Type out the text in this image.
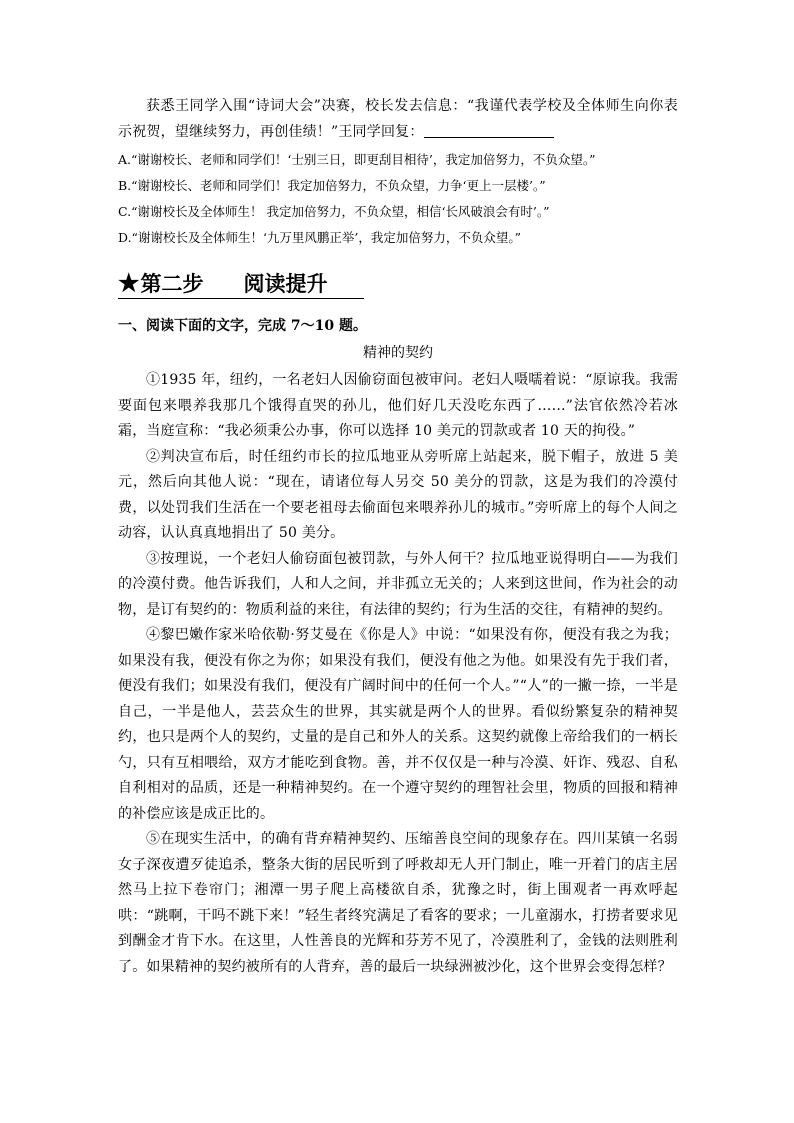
获悉王同学入围“诗词大会”决赛，校长发去信息：“我谨代表学校及全体师生向你表示祝贺，望继续努力，再创佳绩！”王同学回复：

A.“谢谢校长、老师和同学们！‘士别三日，即更刮目相待’，我定加倍努力，不负众望。”

B.“谢谢校长、老师和同学们！我定加倍努力，不负众望，力争‘更上一层楼’。”

C.“谢谢校长及全体师生！ 我定加倍努力，不负众望，相信‘长风破浪会有时’。”

D.“谢谢校长及全体师生！‘九万里风鹏正举’，我定加倍努力，不负众望。”

★第二步 阅读提升

一、阅读下面的文字，完成 7～10 题。

精神的契约

①1935 年，纽约，一名老妇人因偷窃面包被审问。老妇人嗫嚅着说：“原谅我。我需要面包来喂养我那几个饿得直哭的孙儿，他们好几天没吃东西了……”法官依然冷若冰霜，当庭宣称：“我必须秉公办事，你可以选择 10 美元的罚款或者 10 天的拘役。”

②判决宣布后，时任纽约市长的拉瓜地亚从旁听席上站起来，脱下帽子，放进 5 美元，然后向其他人说：“现在，请诸位每人另交 50 美分的罚款，这是为我们的冷漠付费，以处罚我们生活在一个要老祖母去偷面包来喂养孙儿的城市。”旁听席上的每个人间之动容，认认真真地捐出了 50 美分。

③按理说，一个老妇人偷窃面包被罚款，与外人何干？拉瓜地亚说得明白——为我们的冷漠付费。他告诉我们，人和人之间，并非孤立无关的；人来到这世间，作为社会的动物，是订有契约的：物质利益的来往，有法律的契约；行为生活的交往，有精神的契约。

④黎巴嫩作家米哈依勒·努艾曼在《你是人》中说：“如果没有你，便没有我之为我；如果没有我，便没有你之为你；如果没有我们，便没有他之为他。如果没有先于我们者，便没有我们；如果没有我们，便没有广阔时间中的任何一个人。”“人”的一撇一捺，一半是自己，一半是他人，芸芸众生的世界，其实就是两个人的世界。看似纷繁复杂的精神契约，也只是两个人的契约，丈量的是自己和外人的关系。这契约就像上帝给我们的一柄长勺，只有互相喂给，双方才能吃到食物。善，并不仅仅是一种与冷漠、奸诈、残忍、自私自利相对的品质，还是一种精神契约。在一个遵守契约的理智社会里，物质的回报和精神的补偿应该是成正比的。

⑤在现实生活中，的确有背弃精神契约、压缩善良空间的现象存在。四川某镇一名弱女子深夜遭歹徒追杀，整条大街的居民听到了呼救却无人开门制止，唯一开着门的店主居然马上拉下卷帘门；湘潭一男子爬上高楼欲自杀，犹豫之时，街上围观者一再欢呼起哄：“跳啊，干吗不跳下来！”轻生者终究满足了看客的要求；一儿童溺水，打捞者要求见到酬金才肯下水。在这里，人性善良的光辉和芬芳不见了，冷漠胜利了，金钱的法则胜利了。如果精神的契约被所有的人背弃，善的最后一块绿洲被沙化，这个世界会变得怎样？
